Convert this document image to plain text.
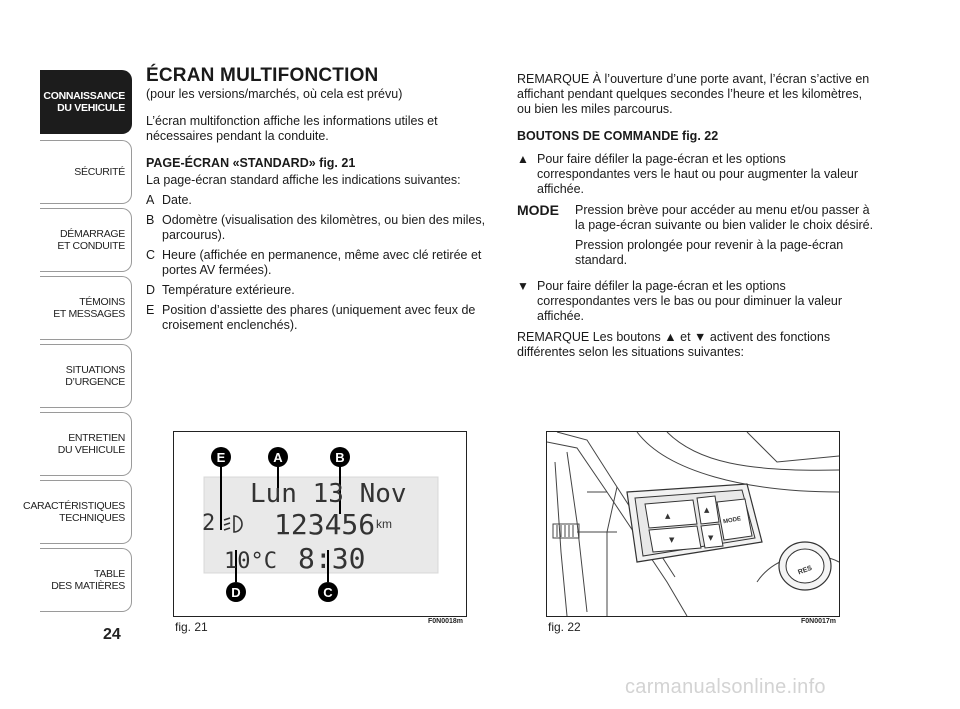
CONNAISSANCE
DU VEHICULE
SÉCURITÉ
DÉMARRAGE
ET CONDUITE
TÉMOINS
ET MESSAGES
SITUATIONS
D’URGENCE
ENTRETIEN
DU VEHICULE
CARACTÉRISTIQUES
TECHNIQUES
TABLE
DES MATIÈRES
24
ÉCRAN MULTIFONCTION

(pour les versions/marchés, où cela est prévu)

L’écran multifonction affiche les informations utiles et nécessaires pendant la conduite.

PAGE-ÉCRAN «STANDARD» fig. 21

La page-écran standard affiche les indications suivantes:

A Date.
B Odomètre (visualisation des kilomètres, ou bien des miles, parcourus).
C Heure (affichée en permanence, même avec clé retirée et portes AV fermées).
D Température extérieure.
E Position d’assiette des phares (uniquement avec feux de croisement enclenchés).

REMARQUE À l’ouverture d’une porte avant, l’écran s’active en affichant pendant quelques secondes l’heure et les kilomètres, ou bien les miles parcourus.

BOUTONS DE COMMANDE fig. 22

▲ Pour faire défiler la page-écran et les options correspondantes vers le haut ou pour augmenter la valeur affichée.
MODE	Pression brève pour accéder au menu et/ou passer à la page-écran suivante ou bien valider le choix désiré.

Pression prolongée pour revenir à la page-écran standard.

▼ Pour faire défiler la page-écran et les options correspondantes vers le bas ou pour diminuer la valeur affichée.

REMARQUE Les boutons ▲ et ▼ activent des fonctions différentes selon les situations suivantes:

Lun 13 Nov
2 123456 km
10°C 8:30
E	A	B
D	C
fig. 21	F0N0018m
▲
▼
▲
▼
MODE
RES
fig. 22	F0N0017m
carmanualsonline.info
